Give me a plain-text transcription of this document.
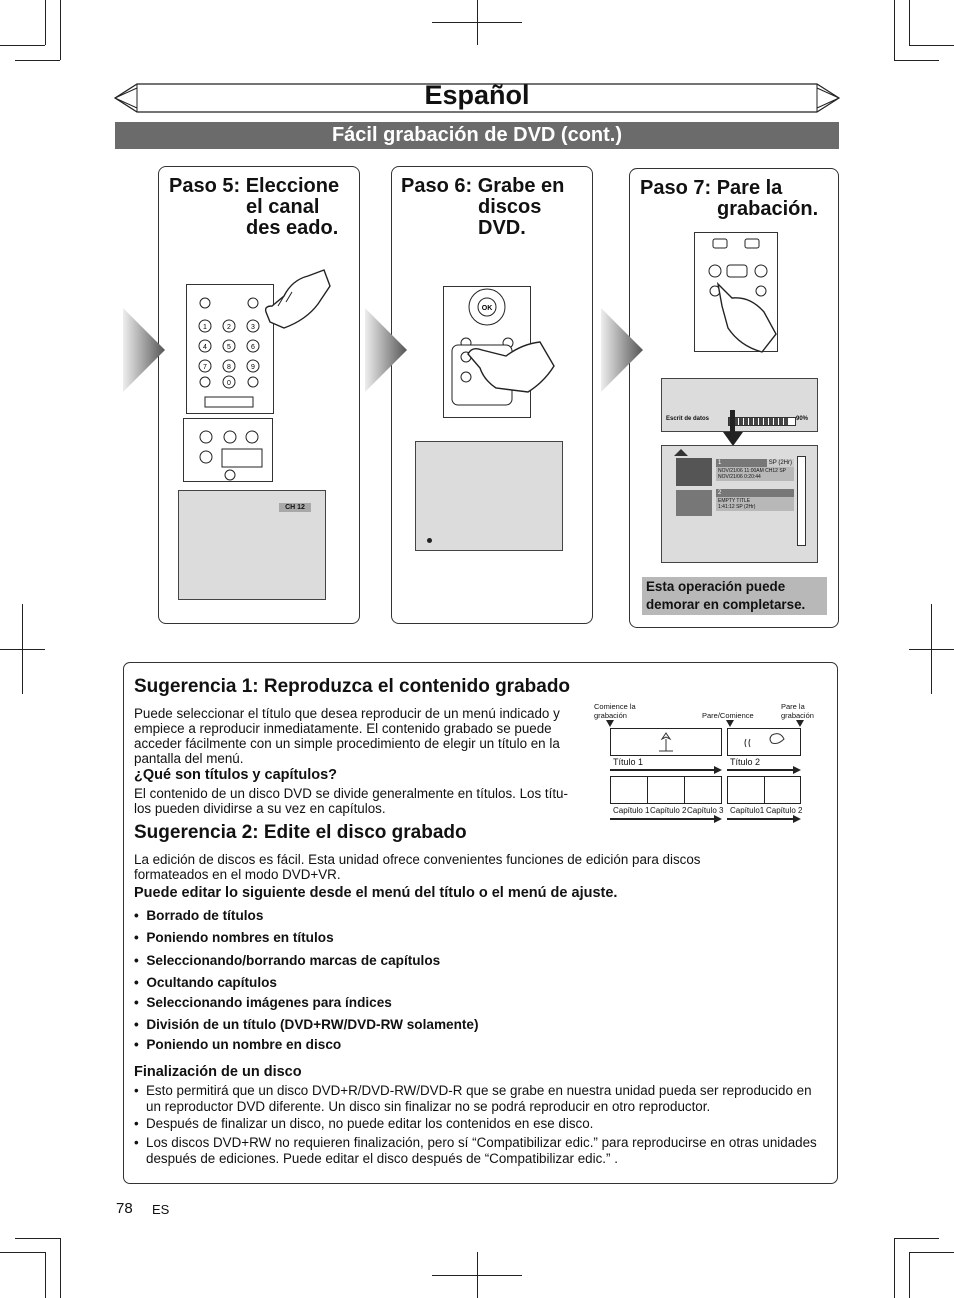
Español
Fácil grabación de DVD (cont.)
Paso 5: Eleccione
el canal
des eado.
1	2	3
4	5	6
7	8	9
0
CH 12
Paso 6: Grabe en
discos
DVD.
OK
Paso 7: Pare la
grabación.
Escrit de datos	90%
1	SP (2Hr)
NOV/21/06 11:00AM CH12 SP
NOV/21/06 0:20:44
2
EMPTY TITLE
1:41:12 SP (2Hr)
Esta operación puede demorar en completarse.
Sugerencia 1: Reproduzca el contenido grabado
Puede seleccionar el título que desea reproducir de un menú indicado y
empiece a reproducir inmediatamente. El contenido grabado se puede
acceder fácilmente con un simple procedimiento de elegir un título en la
pantalla del menú.
¿Qué son títulos y capítulos?
El contenido de un disco DVD se divide generalmente en títulos. Los títu-
los pueden dividirse a su vez en capítulos.
Comience la grabación	Pare/Comience
Pare la grabación
Título 1	Título 2
Capítulo 1 Capítulo 2 Capítulo 3 Capítulo1 Capítulo 2
Sugerencia 2: Edite el disco grabado
La edición de discos es fácil. Esta unidad ofrece convenientes funciones de edición para discos
formateados en el modo DVD+VR.
Puede editar lo siguiente desde el menú del título o el menú de ajuste.
•  Borrado de títulos
•  Poniendo nombres en títulos
•  Seleccionando/borrando marcas de capítulos
•  Ocultando capítulos
•  Seleccionando imágenes para índices
•  División de un título (DVD+RW/DVD-RW solamente)
•  Poniendo un nombre en disco
Finalización de un disco
• Esto permitirá que un disco DVD+R/DVD-RW/DVD-R que se grabe en nuestra unidad pueda ser reproducido en un reproductor DVD diferente. Un disco sin finalizar no se podrá reproducir en otro reproductor.
• Después de finalizar un disco, no puede editar los contenidos en ese disco.
• Los discos DVD+RW no requieren finalización, pero sí “Compatibilizar edic.” para reproducirse en otras unidades después de ediciones. Puede editar el disco después de “Compatibilizar edic.” .
78 ES
